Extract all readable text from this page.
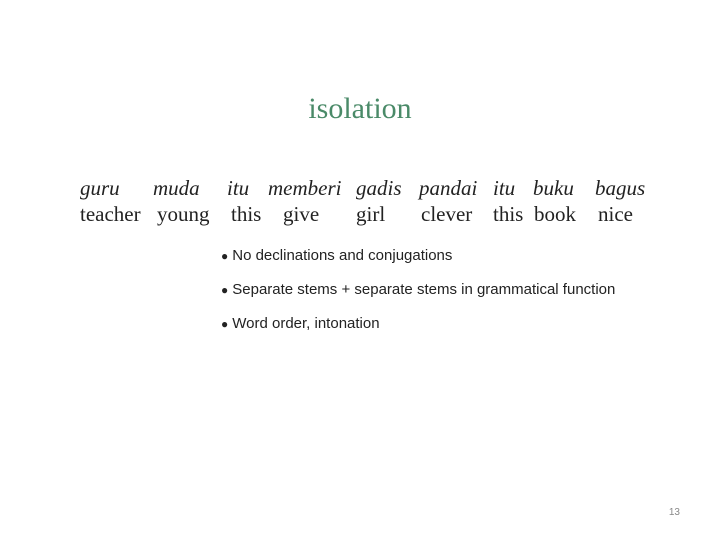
isolation
guru muda itu memberi gadis pandai itu buku bagus
teacher young this give girl clever this book nice
● No declinations and conjugations
● Separate stems + separate stems in grammatical function
● Word order, intonation
13
